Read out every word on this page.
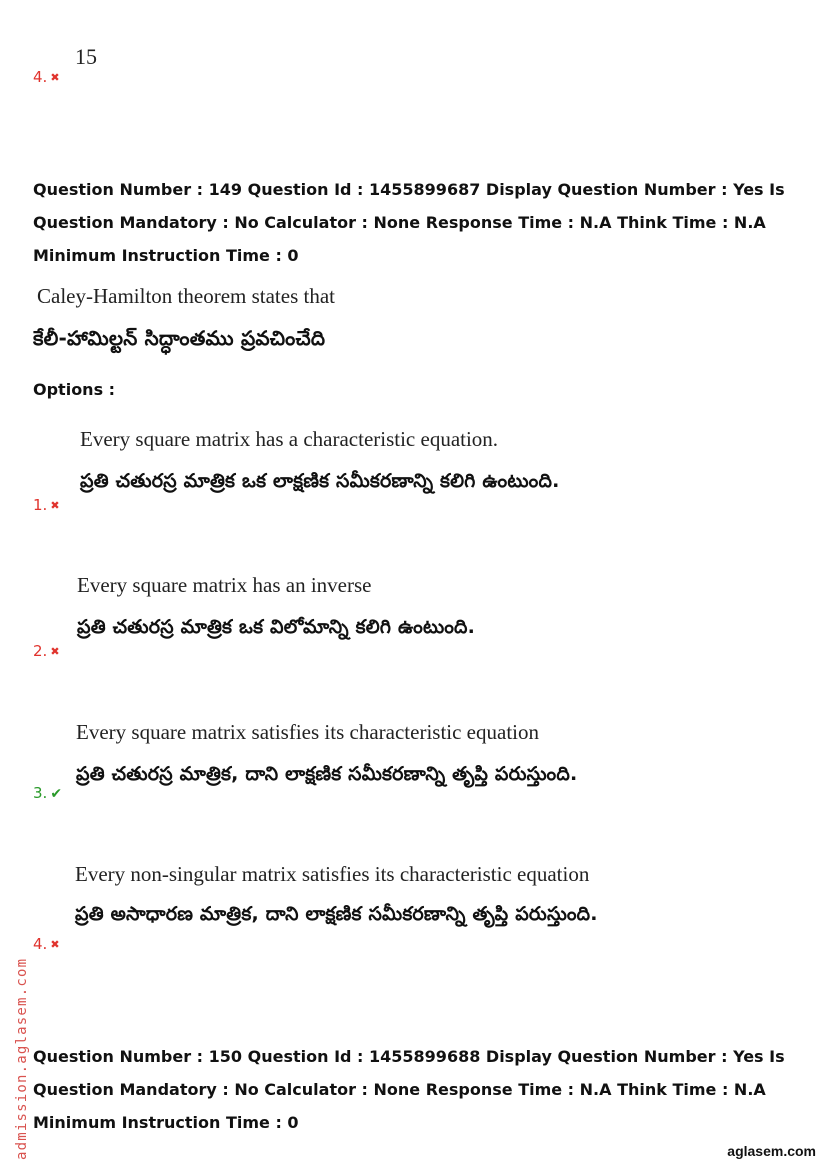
15
4. ✖
Question Number : 149 Question Id : 1455899687 Display Question Number : Yes Is Question Mandatory : No Calculator : None Response Time : N.A Think Time : N.A Minimum Instruction Time : 0
Caley-Hamilton theorem states that
కేలీ-హామిల్టన్ సిద్ధాంతము ప్రవచించేది
Options :
Every square matrix has a characteristic equation.
ప్రతి చతురస్ర మాత్రిక ఒక లాక్షణిక సమీకరణాన్ని కలిగి ఉంటుంది.
1. ✖
Every square matrix has an inverse
ప్రతి చతురస్ర మాత్రిక ఒక విలోమాన్ని కలిగి ఉంటుంది.
2. ✖
Every square matrix satisfies its characteristic equation
ప్రతి చతురస్ర మాత్రిక, దాని లాక్షణిక సమీకరణాన్ని తృప్తి పరుస్తుంది.
3. ✔
Every non-singular matrix satisfies its characteristic equation
ప్రతి అసాధారణ మాత్రిక, దాని లాక్షణిక సమీకరణాన్ని తృప్తి పరుస్తుంది.
4. ✖
Question Number : 150 Question Id : 1455899688 Display Question Number : Yes Is Question Mandatory : No Calculator : None Response Time : N.A Think Time : N.A Minimum Instruction Time : 0
admission.aglasem.com	aglasem.com
